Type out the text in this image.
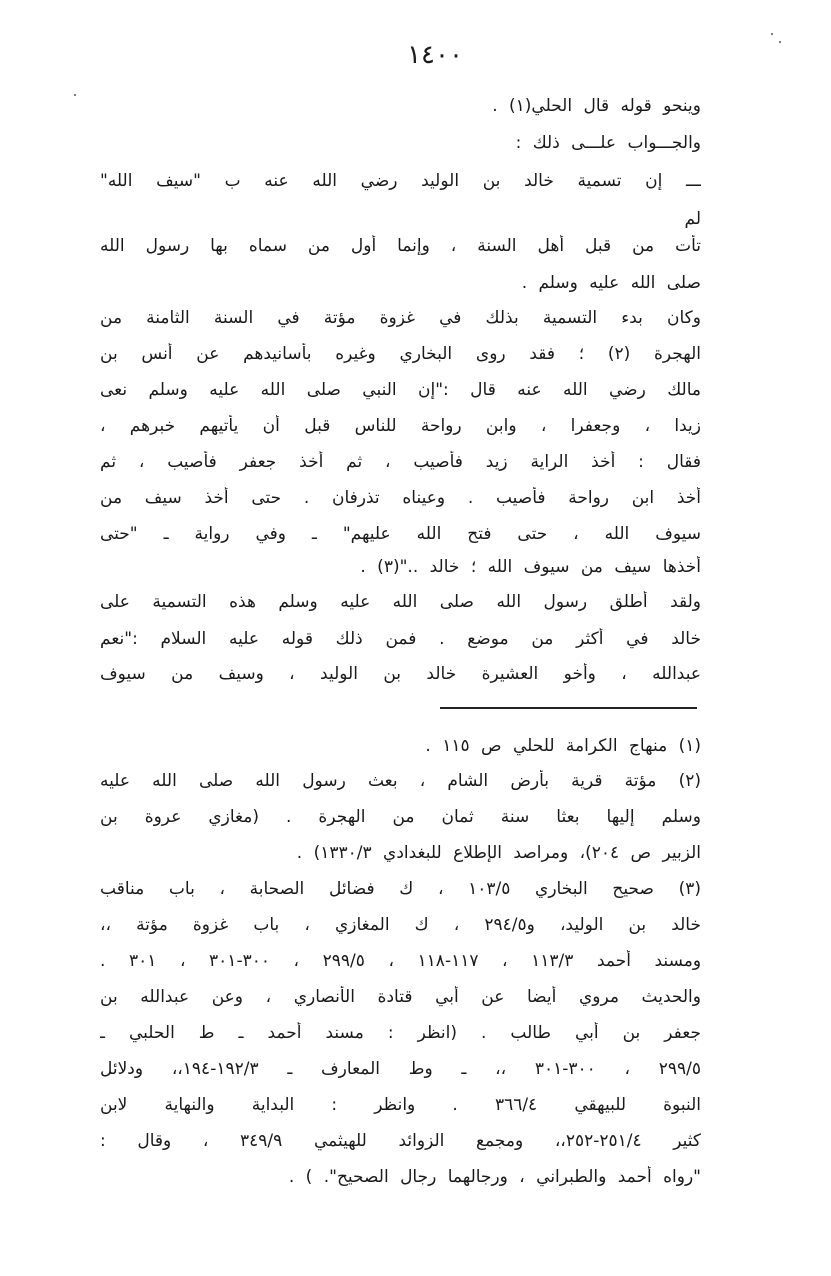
١٤٠٠
وينحو قوله قال الحلي(١) .
والجـــواب علـــى ذلك :
ـــ إن تسمية خالد بن الوليد رضي الله عنه ب "سيف الله"
لم
تأت من قبل أهل السنة ، وإنما أول من سماه بها رسول الله
صلى الله عليه وسلم .
وكان بدء التسمية بذلك في غزوة مؤتة في السنة الثامنة من
الهجرة (٢) ؛ فقد روى البخاري وغيره بأسانيدهم عن أنس بن
مالك رضي الله عنه قال :"إن النبي صلى الله عليه وسلم نعى
زيدا ، وجعفرا ، وابن رواحة للناس قبل أن يأتيهم خبرهم ،
فقال : أخذ الراية زيد فأصيب ، ثم أخذ جعفر فأصيب ، ثم
أخذ ابن رواحة فأصيب . وعيناه تذرفان . حتى أخذ سيف من
سيوف الله ، حتى فتح الله عليهم" ـ وفي رواية ـ "حتى
أخذها سيف من سيوف الله ؛ خالد .."(٣) .
ولقد أطلق رسول الله صلى الله عليه وسلم هذه التسمية على
خالد في أكثر من موضع . فمن ذلك قوله عليه السلام :"نعم
عبدالله ، وأخو العشيرة خالد بن الوليد ، وسيف من سيوف
(١) منهاج الكرامة للحلي ص ١١٥ .
(٢) مؤتة قرية بأرض الشام ، بعث رسول الله صلى الله عليه
وسلم إليها بعثا سنة ثمان من الهجرة . (مغازي عروة بن
الزبير ص ٢٠٤)، ومراصد الإطلاع للبغدادي ١٣٣٠/٣) .
(٣) صحيح البخاري ١٠٣/٥ ، ك فضائل الصحابة ، باب مناقب
خالد بن الوليد، و٢٩٤/٥ ، ك المغازي ، باب غزوة مؤتة ،،
ومسند أحمد ١١٣/٣ ، ١١٧-١١٨ ، ٢٩٩/٥ ، ٣٠٠-٣٠١ ، ٣٠١ .
والحديث مروي أيضا عن أبي قتادة الأنصاري ، وعن عبدالله بن
جعفر بن أبي طالب . (انظر : مسند أحمد ـ ط الحلبي ـ
٢٩٩/٥ ، ٣٠٠-٣٠١ ،، ـ وط المعارف ـ ١٩٢/٣-١٩٤،، ودلائل
النبوة للبيهقي ٣٦٦/٤ . وانظر : البداية والنهاية لابن
كثير ٢٥١/٤-٢٥٢،، ومجمع الزوائد للهيثمي ٣٤٩/٩ ، وقال :
"رواه أحمد والطبراني ، ورجالهما رجال الصحيح". ) .
